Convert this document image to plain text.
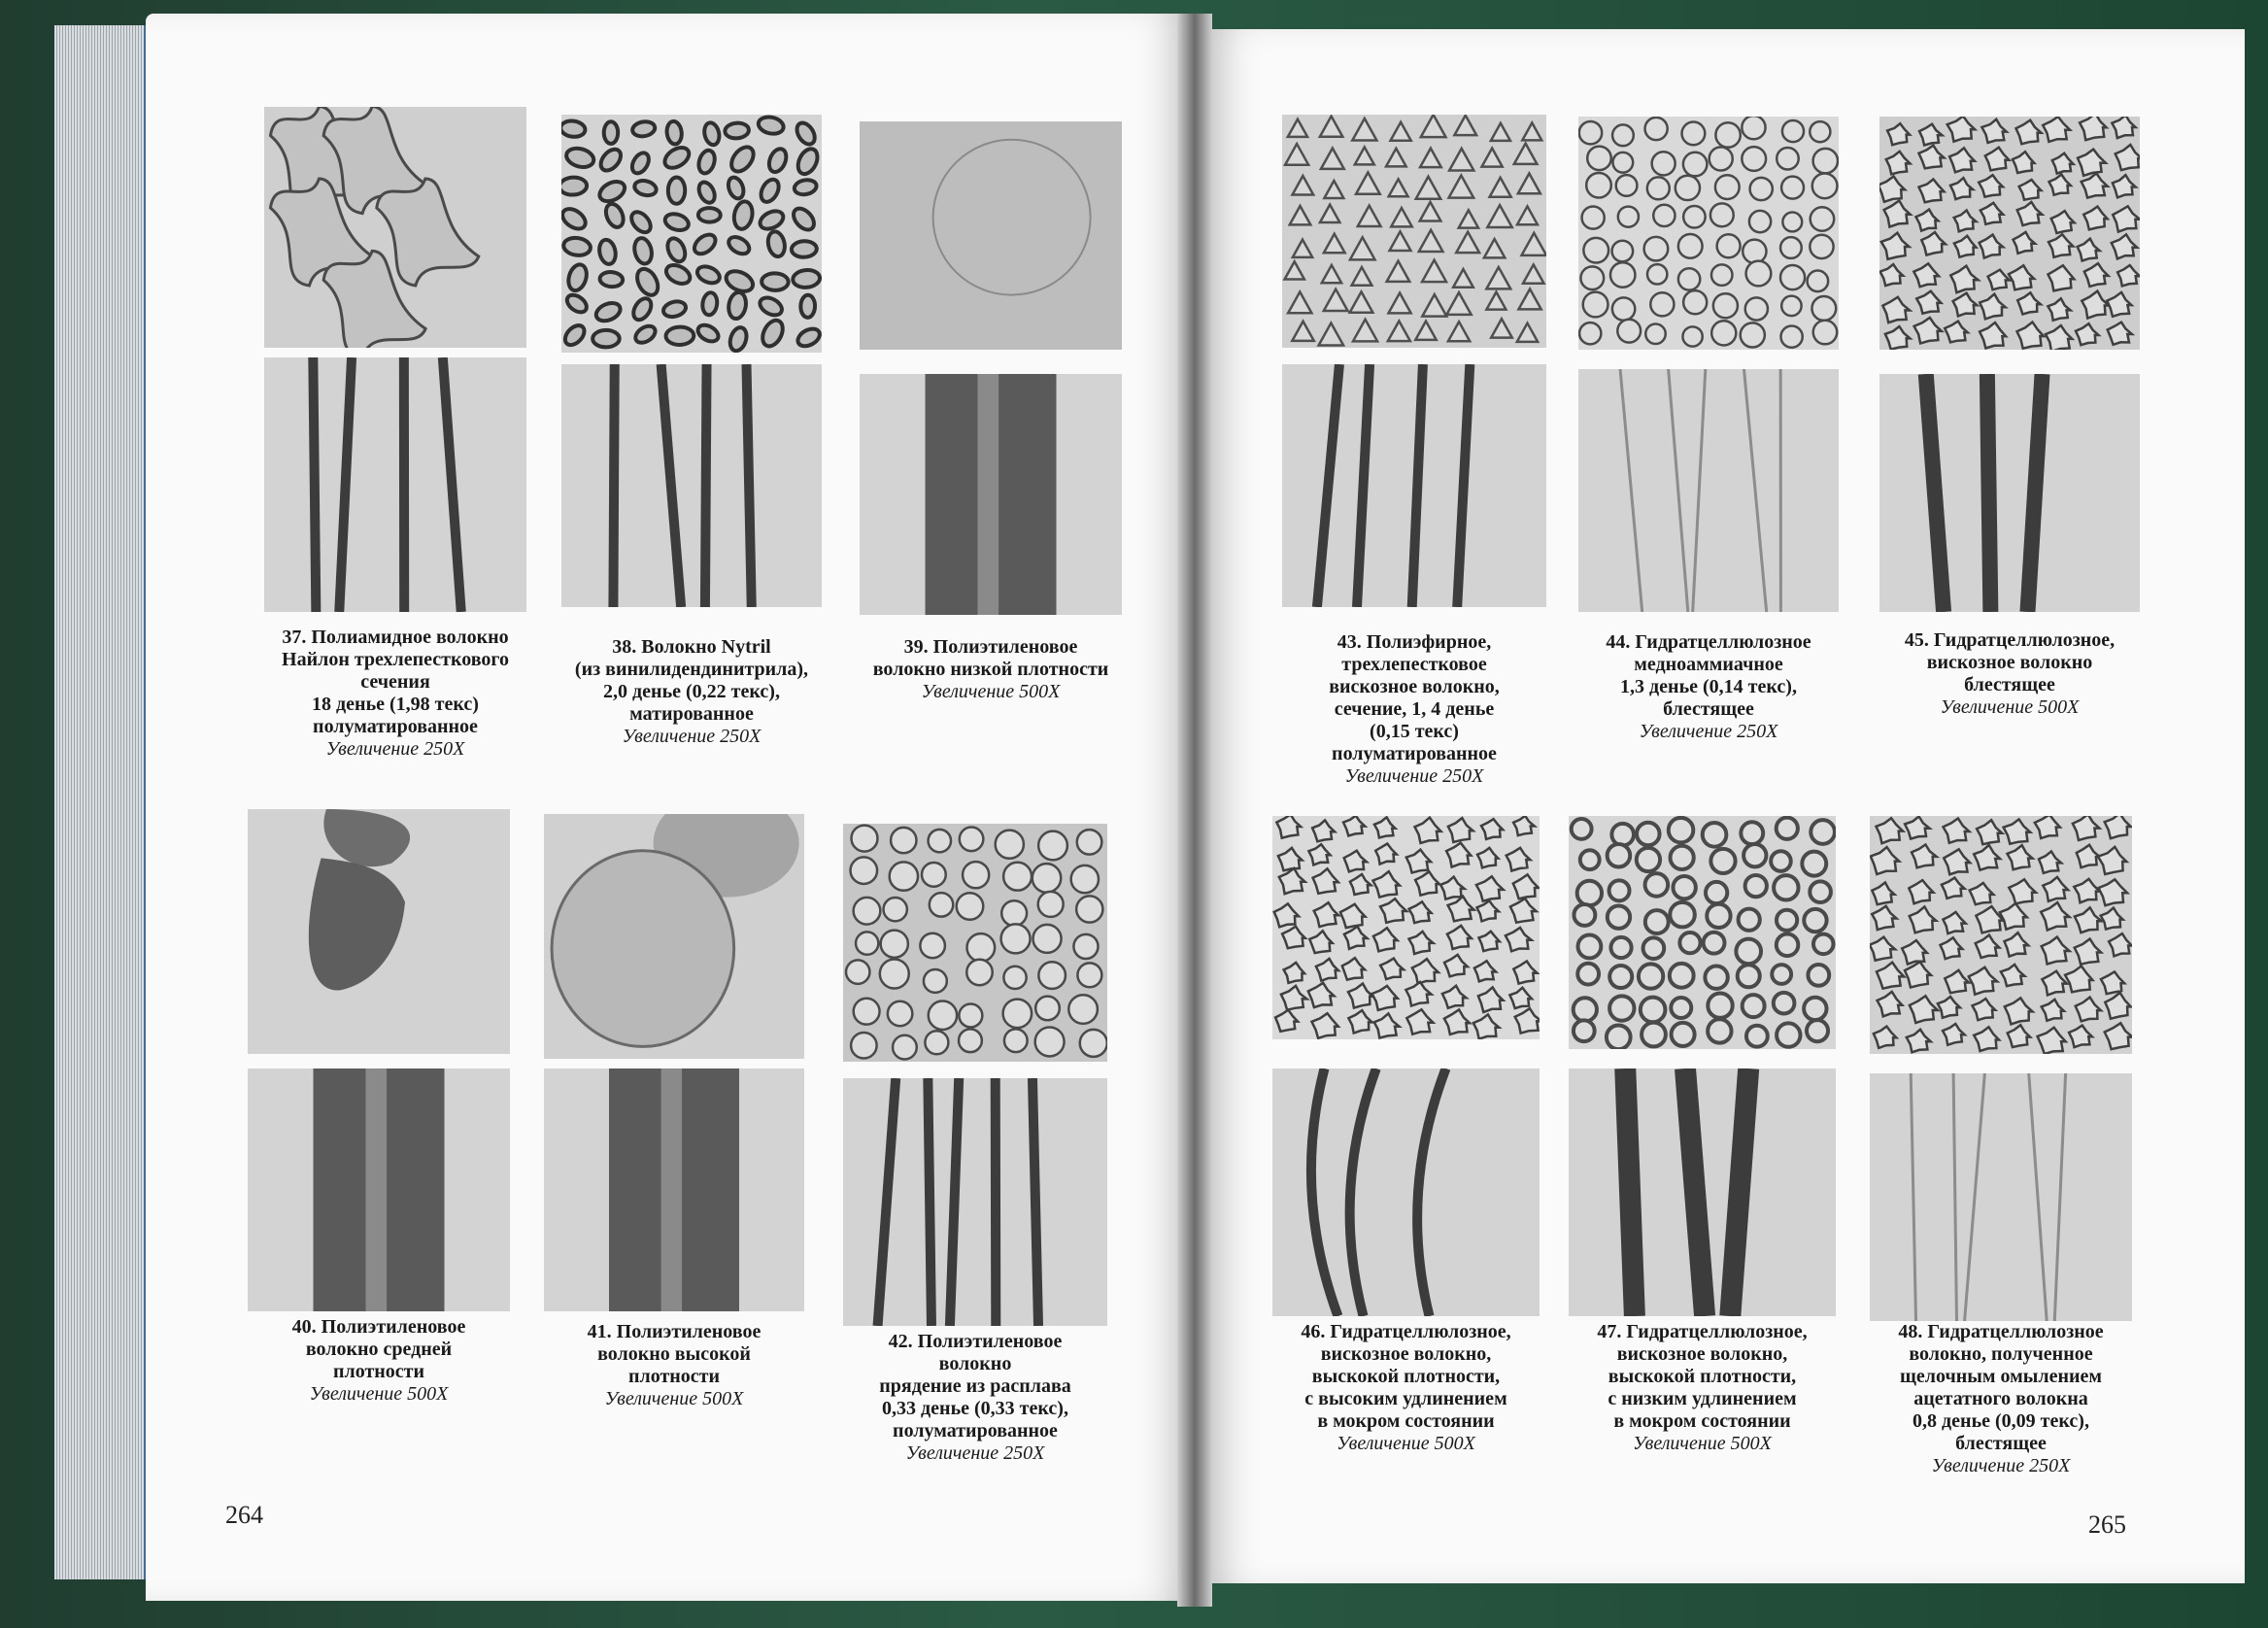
37. Полиамидное волокно
Найлон трехлепесткового
сечения
18 денье (1,98 текс)
полуматированное
Увеличение 250X
38. Волокно Nytril
(из винилидендинитрила),
2,0 денье (0,22 текс),
матированное
Увеличение 250X
39. Полиэтиленовое
волокно низкой плотности
Увеличение 500X
40. Полиэтиленовое
волокно средней
плотности
Увеличение 500X
41. Полиэтиленовое
волокно высокой
плотности
Увеличение 500X
42. Полиэтиленовое
волокно
прядение из расплава
0,33 денье (0,33 текс),
полуматированное
Увеличение 250X
43. Полиэфирное,
трехлепестковое
вискозное волокно,
сечение, 1, 4 денье
(0,15 текс)
полуматированное
Увеличение 250X
44. Гидратцеллюлозное
медноаммиачное
1,3 денье (0,14 текс),
блестящее
Увеличение 250X
45. Гидратцеллюлозное,
вискозное волокно
блестящее
Увеличение 500X
46. Гидратцеллюлозное,
вискозное волокно,
выскокой плотности,
с высоким удлинением
в мокром состоянии
Увеличение 500X
47. Гидратцеллюлозное,
вискозное волокно,
выскокой плотности,
с низким удлинением
в мокром состоянии
Увеличение 500X
48. Гидратцеллюлозное
волокно, полученное
щелочным омылением
ацетатного волокна
0,8 денье (0,09 текс),
блестящее
Увеличение 250X
264	265
